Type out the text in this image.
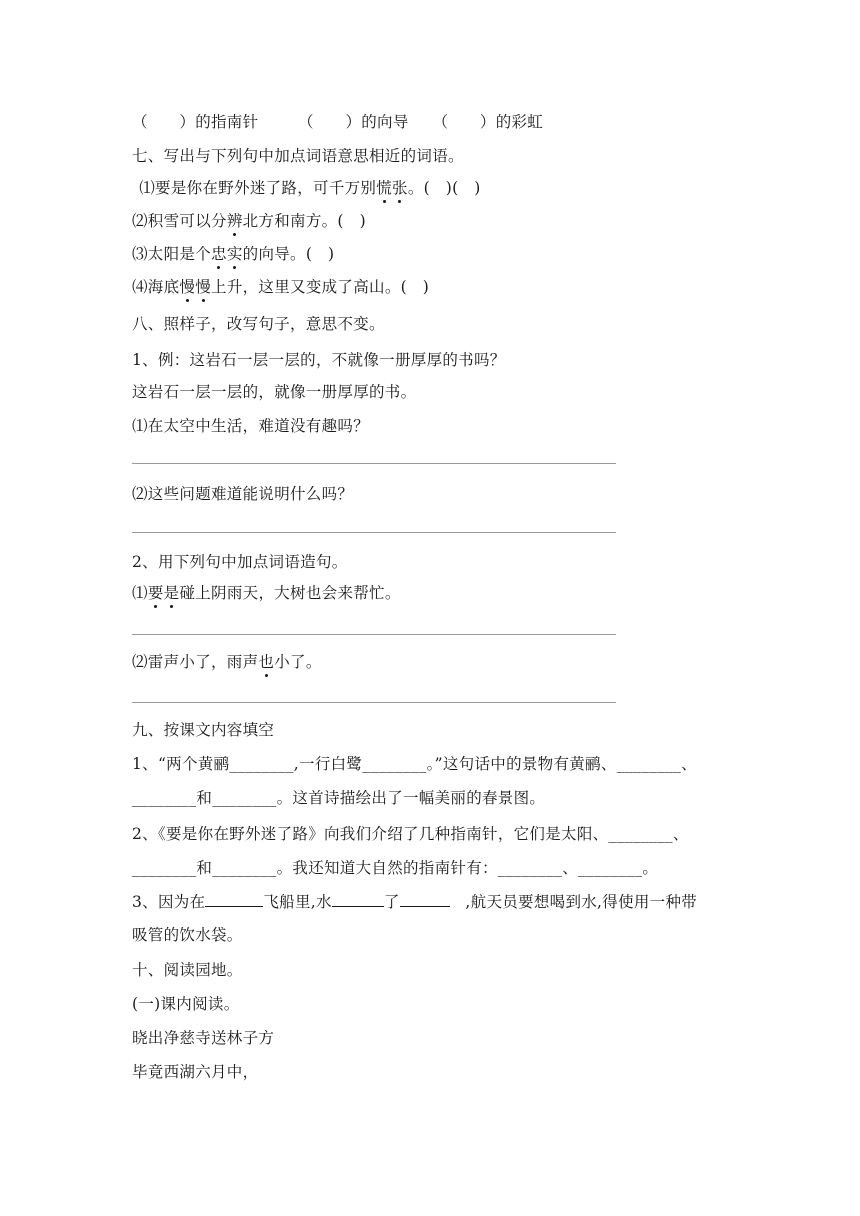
（　　）的指南针　　　（　　）的向导　　（　　）的彩虹
七、写出与下列句中加点词语意思相近的词语。
⑴要是你在野外迷了路，可千万别慌张。(　)(　)
⑵积雪可以分辨北方和南方。(　)
⑶太阳是个忠实的向导。(　)
⑷海底慢慢上升，这里又变成了高山。(　)
八、照样子，改写句子，意思不变。
1、例：这岩石一层一层的，不就像一册厚厚的书吗？
这岩石一层一层的，就像一册厚厚的书。
⑴在太空中生活，难道没有趣吗？
⑵这些问题难道能说明什么吗？
2、用下列句中加点词语造句。
⑴要是碰上阴雨天，大树也会来帮忙。
⑵雷声小了，雨声也小了。
九、按课文内容填空
1、“两个黄鹂________,一行白鹭________。”这句话中的景物有黄鹂、________、
________和________。这首诗描绘出了一幅美丽的春景图。
2、《要是你在野外迷了路》向我们介绍了几种指南针，它们是太阳、________、
________和________。我还知道大自然的指南针有：________、________。
3、因为在	飞船里,水	了	　,航天员要想喝到水,得使用一种带
吸管的饮水袋。
十、阅读园地。
(一)课内阅读。
晓出净慈寺送林子方
毕竟西湖六月中，
